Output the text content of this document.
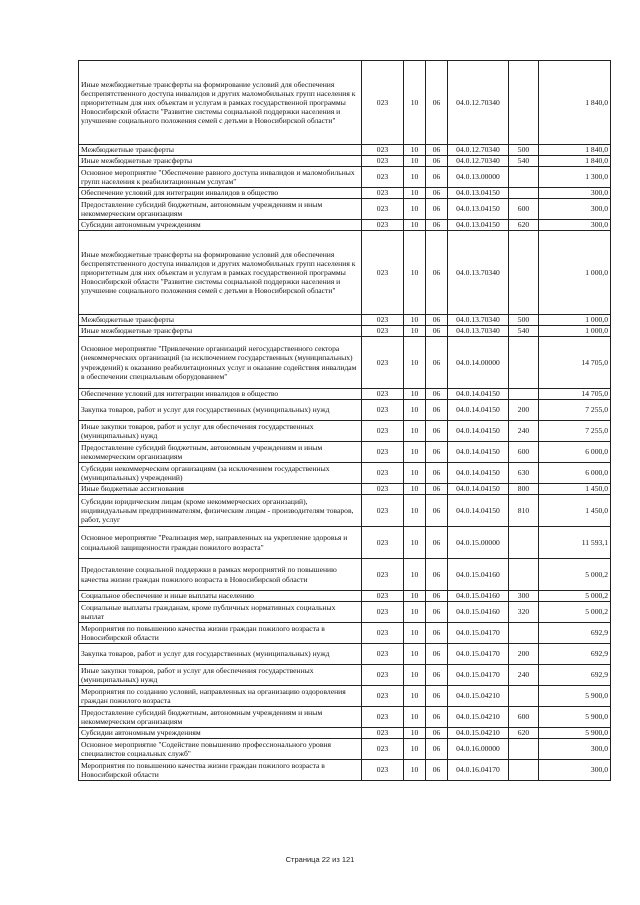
Иные межбюджетные трансферты на формирование условий для обеспечения беспрепятственного доступа инвалидов и других маломобильных групп населения к приоритетным для них объектам и услугам в рамках государственной программы Новосибирской области "Развитие системы социальной поддержки населения и улучшение социального положения семей с детьми в Новосибирской области"	023	10	06	04.0.12.70340		1 840,0
Межбюджетные трансферты	023	10	06	04.0.12.70340	500	1 840,0
Иные межбюджетные трансферты	023	10	06	04.0.12.70340	540	1 840,0
Основное мероприятие "Обеспечение равного доступа инвалидов и маломобильных групп населения к реабилитационным услугам"	023	10	06	04.0.13.00000		1 300,0
Обеспечение условий для интеграции инвалидов в общество	023	10	06	04.0.13.04150		300,0
Предоставление субсидий бюджетным, автономным учреждениям и иным некоммерческим организациям	023	10	06	04.0.13.04150	600	300,0
Субсидии автономным учреждениям	023	10	06	04.0.13.04150	620	300,0
Иные межбюджетные трансферты на формирование условий для обеспечения беспрепятственного доступа инвалидов и других маломобильных групп населения к приоритетным для них объектам и услугам в рамках государственной программы Новосибирской области "Развитие системы социальной поддержки населения и улучшение социального положения семей с детьми в Новосибирской области"	023	10	06	04.0.13.70340		1 000,0
Межбюджетные трансферты	023	10	06	04.0.13.70340	500	1 000,0
Иные межбюджетные трансферты	023	10	06	04.0.13.70340	540	1 000,0
Основное мероприятие "Привлечение организаций негосударственного сектора (некоммерческих организаций (за исключением государственных (муниципальных) учреждений) к оказанию реабилитационных услуг и оказание содействия инвалидам в обеспечении специальным оборудованием"	023	10	06	04.0.14.00000		14 705,0
Обеспечение условий для интеграции инвалидов в общество	023	10	06	04.0.14.04150		14 705,0
Закупка товаров, работ и услуг для государственных (муниципальных) нужд	023	10	06	04.0.14.04150	200	7 255,0
Иные закупки товаров, работ и услуг для обеспечения государственных (муниципальных) нужд	023	10	06	04.0.14.04150	240	7 255,0
Предоставление субсидий бюджетным, автономным учреждениям и иным некоммерческим организациям	023	10	06	04.0.14.04150	600	6 000,0
Субсидии некоммерческим организациям (за исключением государственных (муниципальных) учреждений)	023	10	06	04.0.14.04150	630	6 000,0
Иные бюджетные ассигнования	023	10	06	04.0.14.04150	800	1 450,0
Субсидии юридическим лицам (кроме некоммерческих организаций), индивидуальным предпринимателям, физическим лицам - производителям товаров, работ, услуг	023	10	06	04.0.14.04150	810	1 450,0
Основное мероприятие "Реализация мер, направленных на укрепление здоровья и социальной защищенности граждан пожилого возраста"	023	10	06	04.0.15.00000		11 593,1
Предоставление социальной поддержки в рамках мероприятий по повышению качества жизни граждан пожилого возраста в Новосибирской области	023	10	06	04.0.15.04160		5 000,2
Социальное обеспечение и иные выплаты населению	023	10	06	04.0.15.04160	300	5 000,2
Социальные выплаты гражданам, кроме публичных нормативных социальных выплат	023	10	06	04.0.15.04160	320	5 000,2
Мероприятия по повышению качества жизни граждан пожилого возраста в Новосибирской области	023	10	06	04.0.15.04170		692,9
Закупка товаров, работ и услуг для государственных (муниципальных) нужд	023	10	06	04.0.15.04170	200	692,9
Иные закупки товаров, работ и услуг для обеспечения государственных (муниципальных) нужд	023	10	06	04.0.15.04170	240	692,9
Мероприятия по созданию условий, направленных на организацию оздоровления граждан пожилого возраста	023	10	06	04.0.15.04210		5 900,0
Предоставление субсидий бюджетным, автономным учреждениям и иным некоммерческим организациям	023	10	06	04.0.15.04210	600	5 900,0
Субсидии автономным учреждениям	023	10	06	04.0.15.04210	620	5 900,0
Основное мероприятие "Содействие повышению профессионального уровня специалистов социальных служб"	023	10	06	04.0.16.00000		300,0
Мероприятия по повышению качества жизни граждан пожилого возраста в Новосибирской области	023	10	06	04.0.16.04170		300,0
Страница 22 из 121
